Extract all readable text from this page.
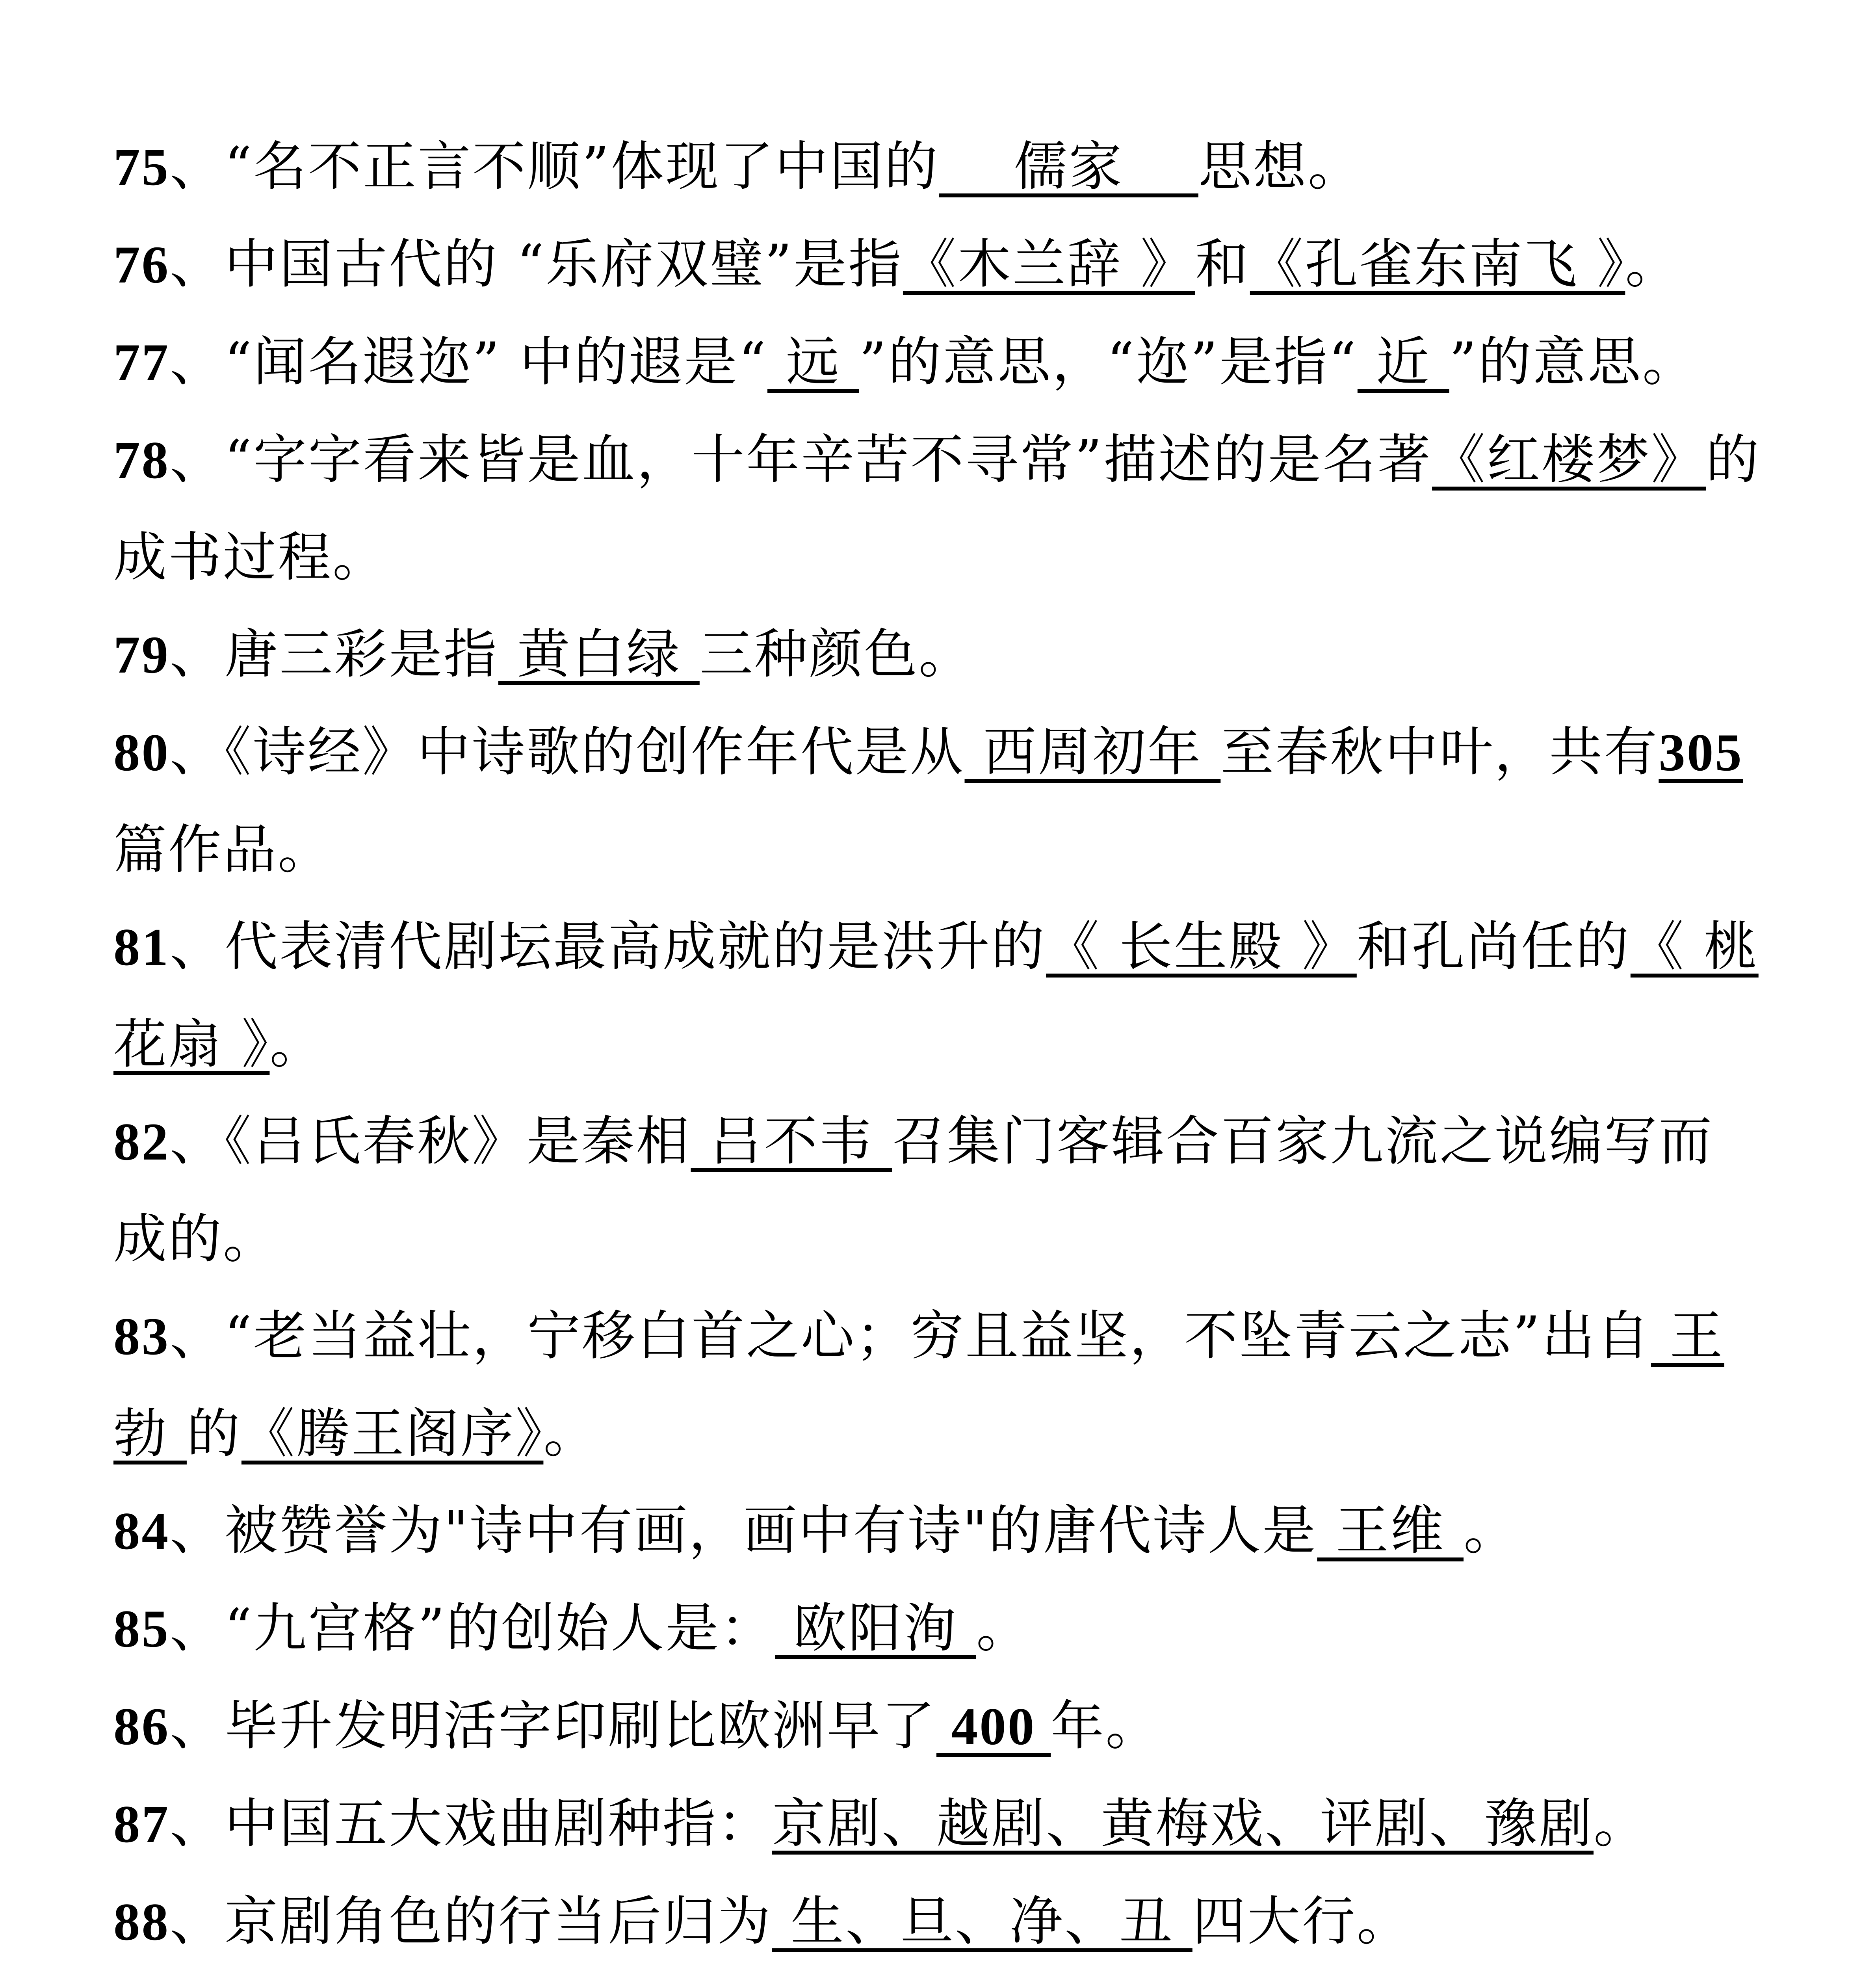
75、“名不正言不顺”体现了中国的__ 儒家 __思想。

76、中国古代的 “乐府双璧”是指《木兰辞 》和《孔雀东南飞 》。

77、“闻名遐迩” 中的遐是“ 远 ”的意思，“迩”是指“ 近 ”的意思。

78、“字字看来皆是血，十年辛苦不寻常”描述的是名著《红楼梦》的成书过程。

79、唐三彩是指 黄白绿 三种颜色。

80、《诗经》中诗歌的创作年代是从 西周初年 至春秋中叶，共有305 篇作品。

81、代表清代剧坛最高成就的是洪升的《 长生殿 》和孔尚任的《 桃花扇 》。

82、《吕氏春秋》是秦相 吕不韦 召集门客辑合百家九流之说编写而成的。

83、“老当益壮，宁移白首之心；穷且益坚，不坠青云之志”出自 王勃 的《腾王阁序》。

84、被赞誉为"诗中有画，画中有诗"的唐代诗人是 王维 。

85、“九宫格”的创始人是： 欧阳洵 。

86、毕升发明活字印刷比欧洲早了 400 年。

87、中国五大戏曲剧种指：京剧、越剧、黄梅戏、评剧、豫剧。

88、京剧角色的行当后归为 生、旦、净、丑 四大行。
